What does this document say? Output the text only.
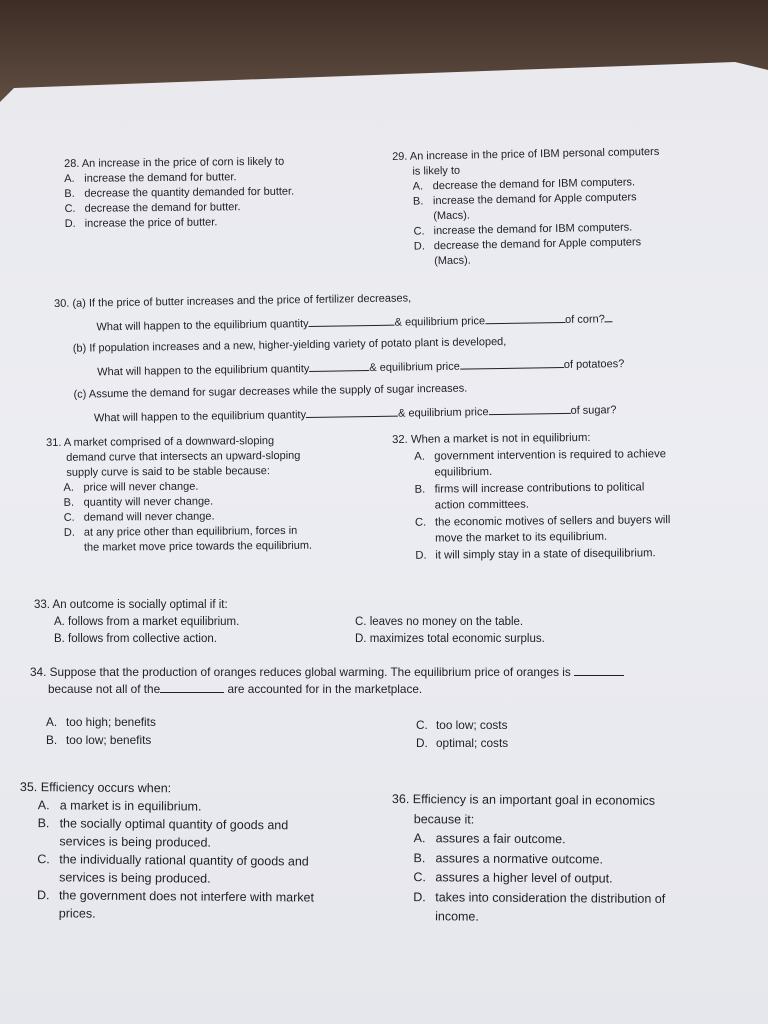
28. An increase in the price of corn is likely to
A. increase the demand for butter.
B. decrease the quantity demanded for butter.
C. decrease the demand for butter.
D. increase the price of butter.
29. An increase in the price of IBM personal computers
is likely to
A. decrease the demand for IBM computers.
B. increase the demand for Apple computers
(Macs).
C. increase the demand for IBM computers.
D. decrease the demand for Apple computers
(Macs).
30. (a) If the price of butter increases and the price of fertilizer decreases,
What will happen to the equilibrium quantity	& equilibrium price	of corn?
(b) If population increases and a new, higher-yielding variety of potato plant is developed,
What will happen to the equilibrium quantity	& equilibrium price	of potatoes?
(c) Assume the demand for sugar decreases while the supply of sugar increases.
What will happen to the equilibrium quantity	& equilibrium price	of sugar?
31. A market comprised of a downward-sloping
demand curve that intersects an upward-sloping
supply curve is said to be stable because:
A. price will never change.
B. quantity will never change.
C. demand will never change.
D. at any price other than equilibrium, forces in
the market move price towards the equilibrium.
32. When a market is not in equilibrium:
A. government intervention is required to achieve
equilibrium.
B. firms will increase contributions to political
action committees.
C. the economic motives of sellers and buyers will
move the market to its equilibrium.
D. it will simply stay in a state of disequilibrium.
33. An outcome is socially optimal if it:
A. follows from a market equilibrium.
B. follows from collective action.
C. leaves no money on the table.
D. maximizes total economic surplus.
34. Suppose that the production of oranges reduces global warming. The equilibrium price of oranges is
because not all of the	are accounted for in the marketplace.
A. too high; benefits
B. too low; benefits
C. too low; costs
D. optimal; costs
35. Efficiency occurs when:
A. a market is in equilibrium.
B. the socially optimal quantity of goods and
services is being produced.
C. the individually rational quantity of goods and
services is being produced.
D. the government does not interfere with market
prices.
36. Efficiency is an important goal in economics
because it:
A. assures a fair outcome.
B. assures a normative outcome.
C. assures a higher level of output.
D. takes into consideration the distribution of
income.
